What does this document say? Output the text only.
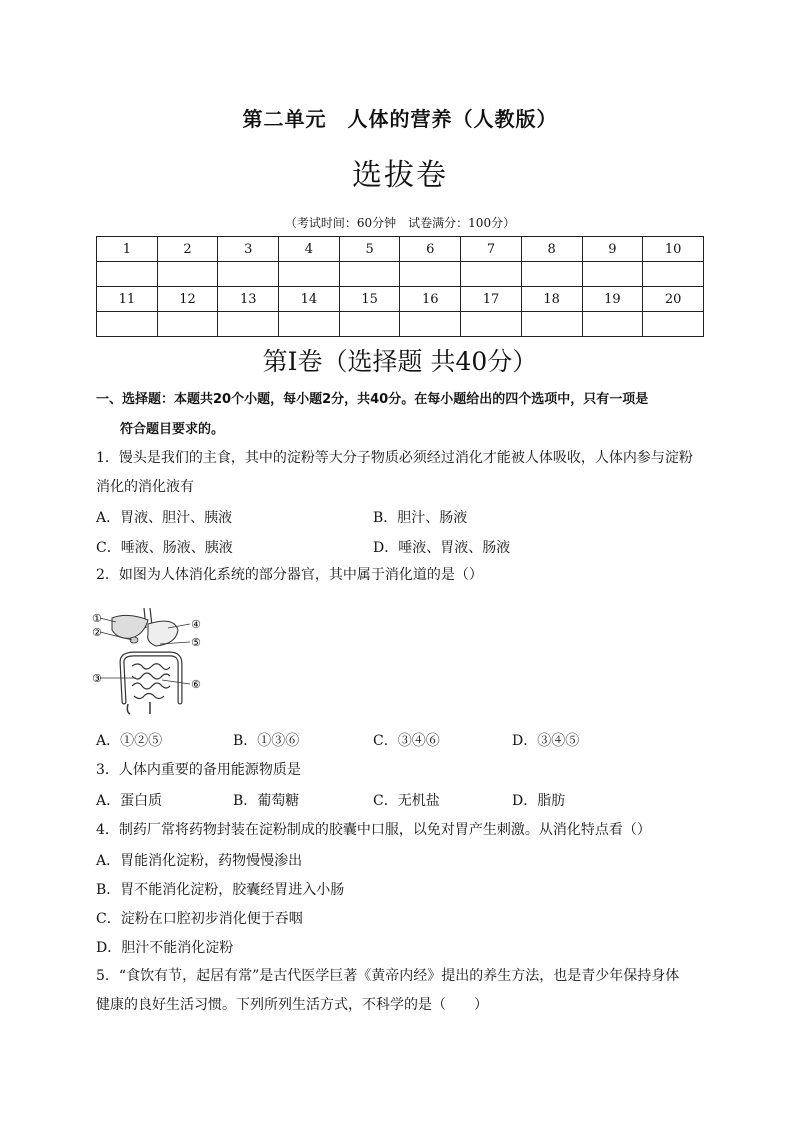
第二单元　人体的营养（人教版）
选拔卷
（考试时间：60分钟　试卷满分：100分）
1	2	3	4	5	6	7	8	9	10

11	12	13	14	15	16	17	18	19	20

第Ⅰ卷（选择题 共40分）
一、选择题：本题共20个小题，每小题2分，共40分。在每小题给出的四个选项中，只有一项是
符合题目要求的。
1．馒头是我们的主食，其中的淀粉等大分子物质必须经过消化才能被人体吸收，人体内参与淀粉
消化的消化液有
A．胃液、胆汁、胰液	B．胆汁、肠液
C．唾液、肠液、胰液	D．唾液、胃液、肠液
2．如图为人体消化系统的部分器官，其中属于消化道的是（）
①
②
③
④
⑤
⑥
A．①②⑤	B．①③⑥	C．③④⑥	D．③④⑤
3．人体内重要的备用能源物质是
A．蛋白质	B．葡萄糖	C．无机盐	D．脂肪
4．制药厂常将药物封装在淀粉制成的胶囊中口服，以免对胃产生刺激。从消化特点看（）
A．胃能消化淀粉，药物慢慢渗出
B．胃不能消化淀粉，胶囊经胃进入小肠
C．淀粉在口腔初步消化便于吞咽
D．胆汁不能消化淀粉
5．“食饮有节，起居有常”是古代医学巨著《黄帝内经》提出的养生方法，也是青少年保持身体
健康的良好生活习惯。下列所列生活方式，不科学的是（　　）
